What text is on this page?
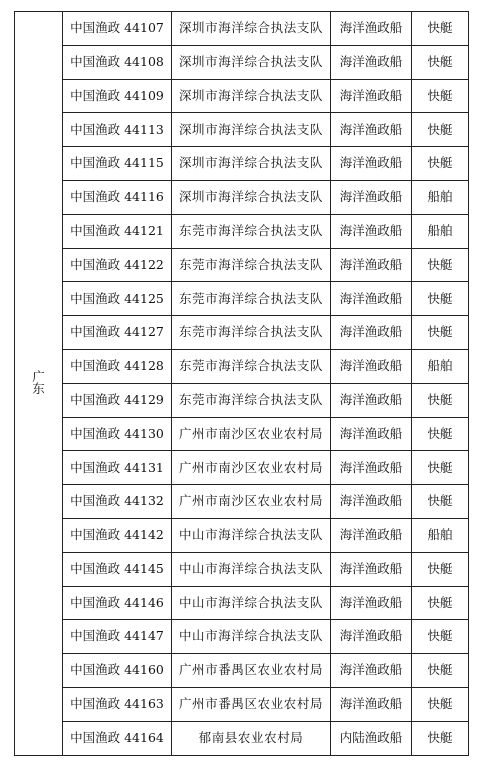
广
东	中国渔政 44107	深圳市海洋综合执法支队	海洋渔政船	快艇
	中国渔政 44108	深圳市海洋综合执法支队	海洋渔政船	快艇
	中国渔政 44109	深圳市海洋综合执法支队	海洋渔政船	快艇
	中国渔政 44113	深圳市海洋综合执法支队	海洋渔政船	快艇
	中国渔政 44115	深圳市海洋综合执法支队	海洋渔政船	快艇
	中国渔政 44116	深圳市海洋综合执法支队	海洋渔政船	船舶
	中国渔政 44121	东莞市海洋综合执法支队	海洋渔政船	船舶
	中国渔政 44122	东莞市海洋综合执法支队	海洋渔政船	快艇
	中国渔政 44125	东莞市海洋综合执法支队	海洋渔政船	快艇
	中国渔政 44127	东莞市海洋综合执法支队	海洋渔政船	快艇
	中国渔政 44128	东莞市海洋综合执法支队	海洋渔政船	船舶
	中国渔政 44129	东莞市海洋综合执法支队	海洋渔政船	快艇
	中国渔政 44130	广州市南沙区农业农村局	海洋渔政船	快艇
	中国渔政 44131	广州市南沙区农业农村局	海洋渔政船	快艇
	中国渔政 44132	广州市南沙区农业农村局	海洋渔政船	快艇
	中国渔政 44142	中山市海洋综合执法支队	海洋渔政船	船舶
	中国渔政 44145	中山市海洋综合执法支队	海洋渔政船	快艇
	中国渔政 44146	中山市海洋综合执法支队	海洋渔政船	快艇
	中国渔政 44147	中山市海洋综合执法支队	海洋渔政船	快艇
	中国渔政 44160	广州市番禺区农业农村局	海洋渔政船	快艇
	中国渔政 44163	广州市番禺区农业农村局	海洋渔政船	快艇
	中国渔政 44164	郁南县农业农村局	内陆渔政船	快艇
